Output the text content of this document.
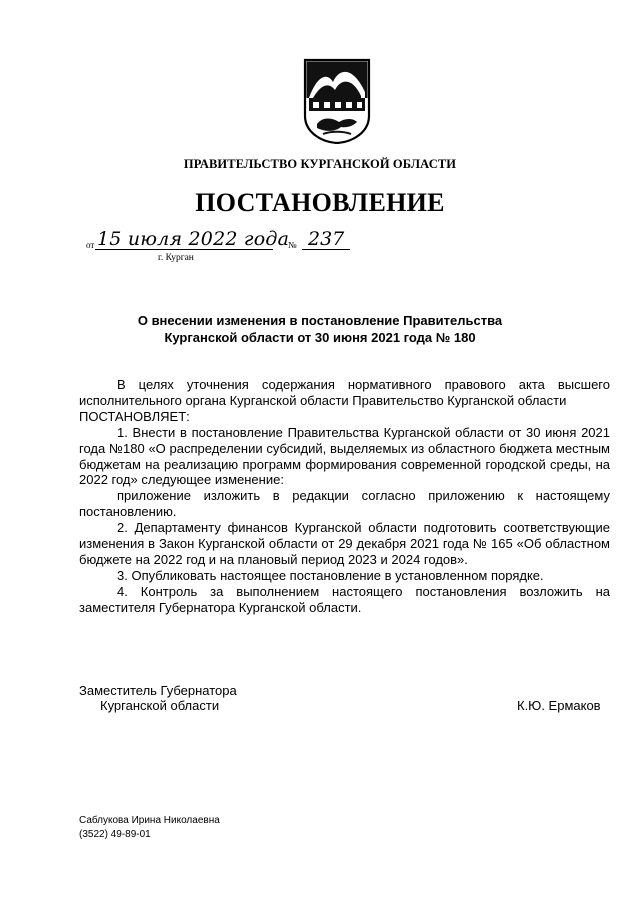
ПРАВИТЕЛЬСТВО КУРГАНСКОЙ ОБЛАСТИ
ПОСТАНОВЛЕНИЕ
от 15 июля 2022 года
№ 237
г. Курган
О внесении изменения в постановление Правительства
Курганской области от 30 июня 2021 года № 180

В целях уточнения содержания нормативного правового акта высшего исполнительного органа Курганской области Правительство Курганской области

ПОСТАНОВЛЯЕТ:

1. Внести в постановление Правительства Курганской области от 30 июня 2021 года №180 «О распределении субсидий, выделяемых из областного бюджета местным бюджетам на реализацию программ формирования современной городской среды, на 2022 год» следующее изменение:

приложение изложить в редакции согласно приложению к настоящему постановлению.

2. Департаменту финансов Курганской области подготовить соответствующие изменения в Закон Курганской области от 29 декабря 2021 года № 165 «Об областном бюджете на 2022 год и на плановый период 2023 и 2024 годов».

3. Опубликовать настоящее постановление в установленном порядке.

4. Контроль за выполнением настоящего постановления возложить на заместителя Губернатора Курганской области.

Заместитель Губернатора
Курганской области	К.Ю. Ермаков
Саблукова Ирина Николаевна
(3522) 49-89-01
